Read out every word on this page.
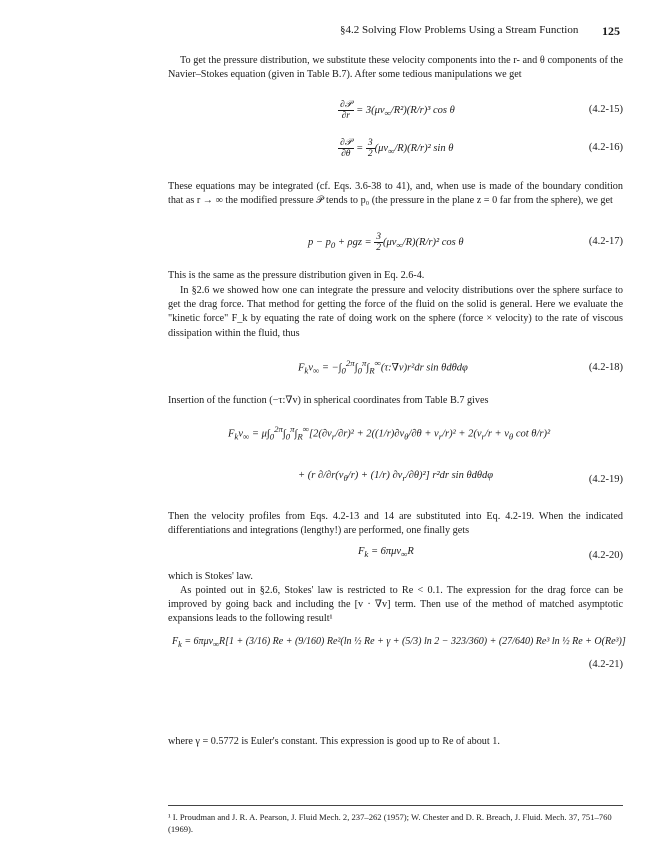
§4.2 Solving Flow Problems Using a Stream Function 125
To get the pressure distribution, we substitute these velocity components into the r- and θ components of the Navier–Stokes equation (given in Table B.7). After some tedious manipulations we get
$\frac{\text{∂𝒫}}{\partial r} = 3(\mu v_\infty/R^2)(R/r)^3$ cos θ	(4.2-15)
$\frac{\text{∂𝒫}}{\partial\theta} = \frac{3}{2} (\mu v_\infty/R)(R/r)^2$ sin θ	(4.2-16)
These equations may be integrated (cf. Eqs. 3.6-38 to 41), and, when use is made of the boundary condition that as r → ∞ the modified pressure 𝒫 tends to p₀ (the pressure in the plane z = 0 far from the sphere), we get
$p - p_0 + \rho gz = \frac{3}{2} (\mu v_\infty/R)(R/r)^2$ cos θ	(4.2-17)
This is the same as the pressure distribution given in Eq. 2.6-4.
In §2.6 we showed how one can integrate the pressure and velocity distributions over the sphere surface to get the drag force. That method for getting the force of the fluid on the solid is general. Here we evaluate the "kinetic force" F_k by equating the rate of doing work on the sphere (force × velocity) to the rate of viscous dissipation within the fluid, thus
$F_kv_\infty$ = $-\int_0^{2\pi}\int_0^\pi\int_R^\infty(\tau:\nabla v)r^2dr$ sin θdθdφ	(4.2-18)
Insertion of the function (−τ:∇v) in spherical coordinates from Table B.7 gives
$F_kv_\infty = \mu\int_0^{2\pi}\int_0^\pi\int_R^\infty[2(\partial v_r/\partial r)^2 + 2((1/r)\partial v_\theta/\partial\theta + v_r/r)^2 + 2(v_r/r + v_\theta$ cot θ/r)²
+ (r $\partial/\partial r(v_\theta/r) + (1/r)$ $\partial v_r/\partial\theta)^2$] r²dr sin θdθdφ	(4.2-19)
Then the velocity profiles from Eqs. 4.2-13 and 14 are substituted into Eq. 4.2-19. When the indicated differentiations and integrations (lengthy!) are performed, one finally gets
$F_k = 6\pi\mu v_\infty R$	(4.2-20)
which is Stokes' law.
As pointed out in §2.6, Stokes' law is restricted to Re < 0.1. The expression for the drag force can be improved by going back and including the [v · ∇v] term. Then use of the method of matched asymptotic expansions leads to the following result¹
$F_k = 6\pi\mu v_\infty R[1 + (3/16) Re + (9/160)$ Re²(ln ½ Re + γ + (5/3) ln 2 − 323/360) + (27/640) Re³ ln ½ Re + O(Re³)]
(4.2-21)
where γ = 0.5772 is Euler's constant. This expression is good up to Re of about 1.
¹ I. Proudman and J. R. A. Pearson, J. Fluid Mech. 2, 237–262 (1957); W. Chester and D. R. Breach, J. Fluid. Mech. 37, 751–760 (1969).
